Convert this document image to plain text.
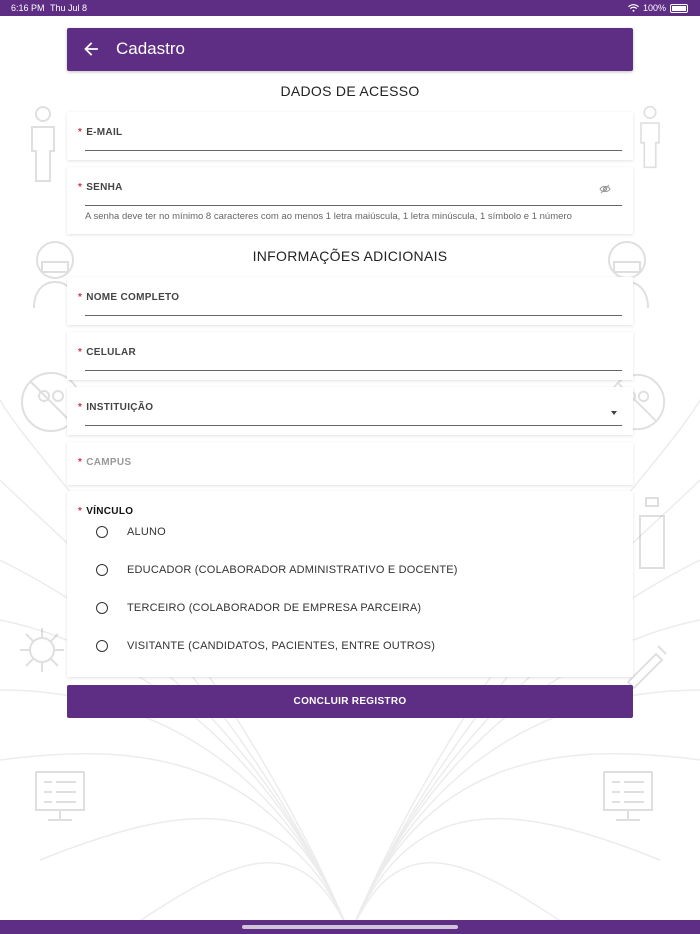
6:16 PM Thu Jul 8	100%
Cadastro
DADOS DE ACESSO
* E-MAIL
* SENHA
A senha deve ter no mínimo 8 caracteres com ao menos 1 letra maiúscula, 1 letra minúscula, 1 símbolo e 1 número
INFORMAÇÕES ADICIONAIS
* NOME COMPLETO
* CELULAR
* INSTITUIÇÃO
* CAMPUS
* VÍNCULO
ALUNO
EDUCADOR (COLABORADOR ADMINISTRATIVO E DOCENTE)
TERCEIRO (COLABORADOR DE EMPRESA PARCEIRA)
VISITANTE (CANDIDATOS, PACIENTES, ENTRE OUTROS)
CONCLUIR REGISTRO
